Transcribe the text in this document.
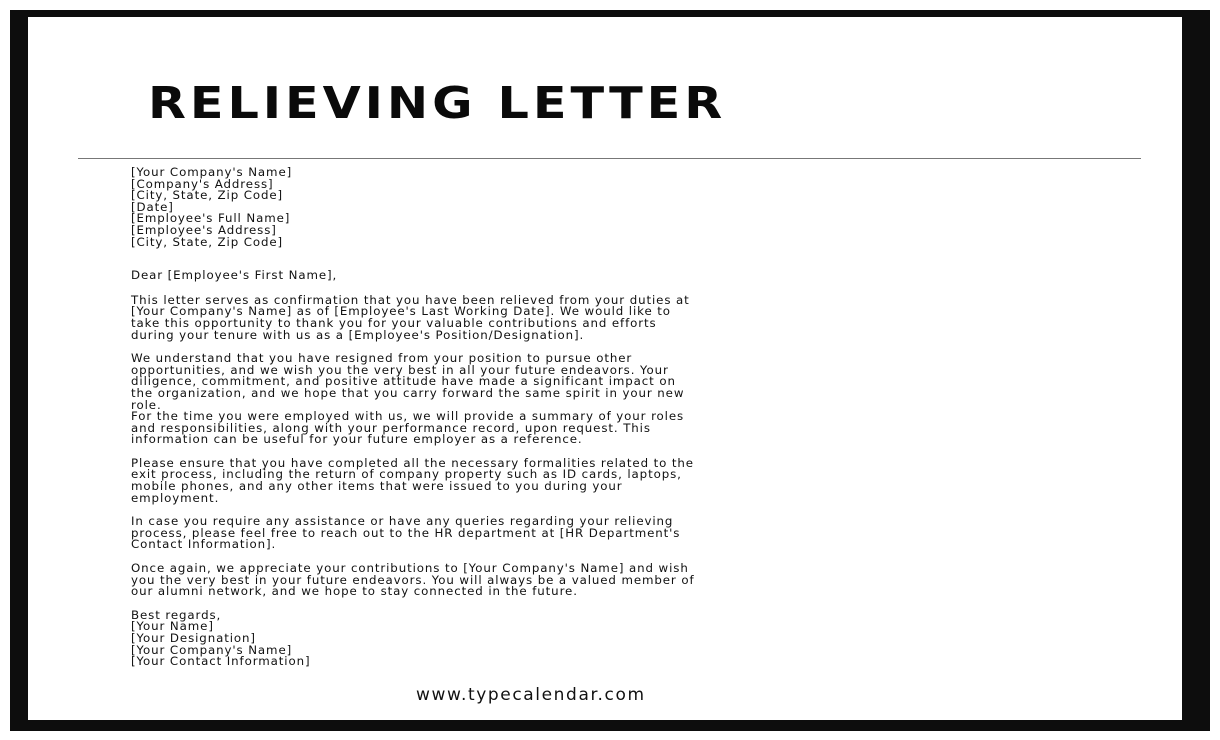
RELIEVING LETTER
[Your Company's Name]
[Company's Address]
[City, State, Zip Code]
[Date]
[Employee's Full Name]
[Employee's Address]
[City, State, Zip Code]
Dear [Employee's First Name],
This letter serves as confirmation that you have been relieved from your duties at
[Your Company's Name] as of [Employee's Last Working Date]. We would like to
take this opportunity to thank you for your valuable contributions and efforts
during your tenure with us as a [Employee's Position/Designation].
We understand that you have resigned from your position to pursue other
opportunities, and we wish you the very best in all your future endeavors. Your
diligence, commitment, and positive attitude have made a significant impact on
the organization, and we hope that you carry forward the same spirit in your new
role.
For the time you were employed with us, we will provide a summary of your roles
and responsibilities, along with your performance record, upon request. This
information can be useful for your future employer as a reference.
Please ensure that you have completed all the necessary formalities related to the
exit process, including the return of company property such as ID cards, laptops,
mobile phones, and any other items that were issued to you during your
employment.
In case you require any assistance or have any queries regarding your relieving
process, please feel free to reach out to the HR department at [HR Department's
Contact Information].
Once again, we appreciate your contributions to [Your Company's Name] and wish
you the very best in your future endeavors. You will always be a valued member of
our alumni network, and we hope to stay connected in the future.
Best regards,
[Your Name]
[Your Designation]
[Your Company's Name]
[Your Contact Information]
www.typecalendar.com
